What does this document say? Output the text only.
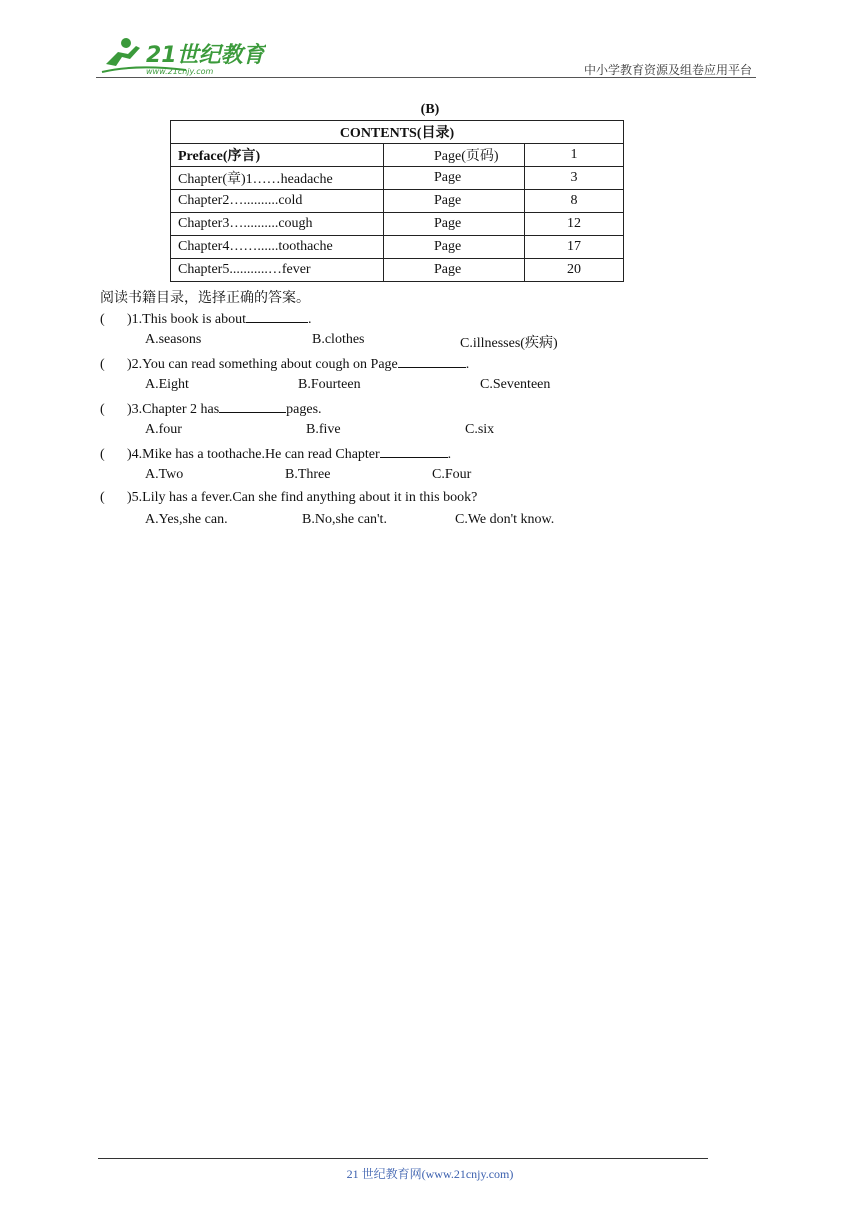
21世纪教育
www.21cnjy.com	中小学教育资源及组卷应用平台
(B)
CONTENTS(目录)		
Preface(序言)	Page(页码)	1
Chapter(章)1……headache	Page	3
Chapter2…..........cold	Page	8
Chapter3…..........cough	Page	12
Chapter4……......toothache	Page	17
Chapter5...........…fever	Page	20
阅读书籍目录，选择正确的答案。
( )1.This book is about	.
A.seasons	B.clothes	C.illnesses(疾病)
( )2.You can read something about cough on Page	.
A.Eight	B.Fourteen	C.Seventeen
( )3.Chapter 2 has	pages.
A.four	B.five	C.six
( )4.Mike has a toothache.He can read Chapter	.
A.Two	B.Three	C.Four
( )5.Lily has a fever.Can she find anything about it in this book?
A.Yes,she can.	B.No,she can't.	C.We don't know.
21 世纪教育网(www.21cnjy.com)
